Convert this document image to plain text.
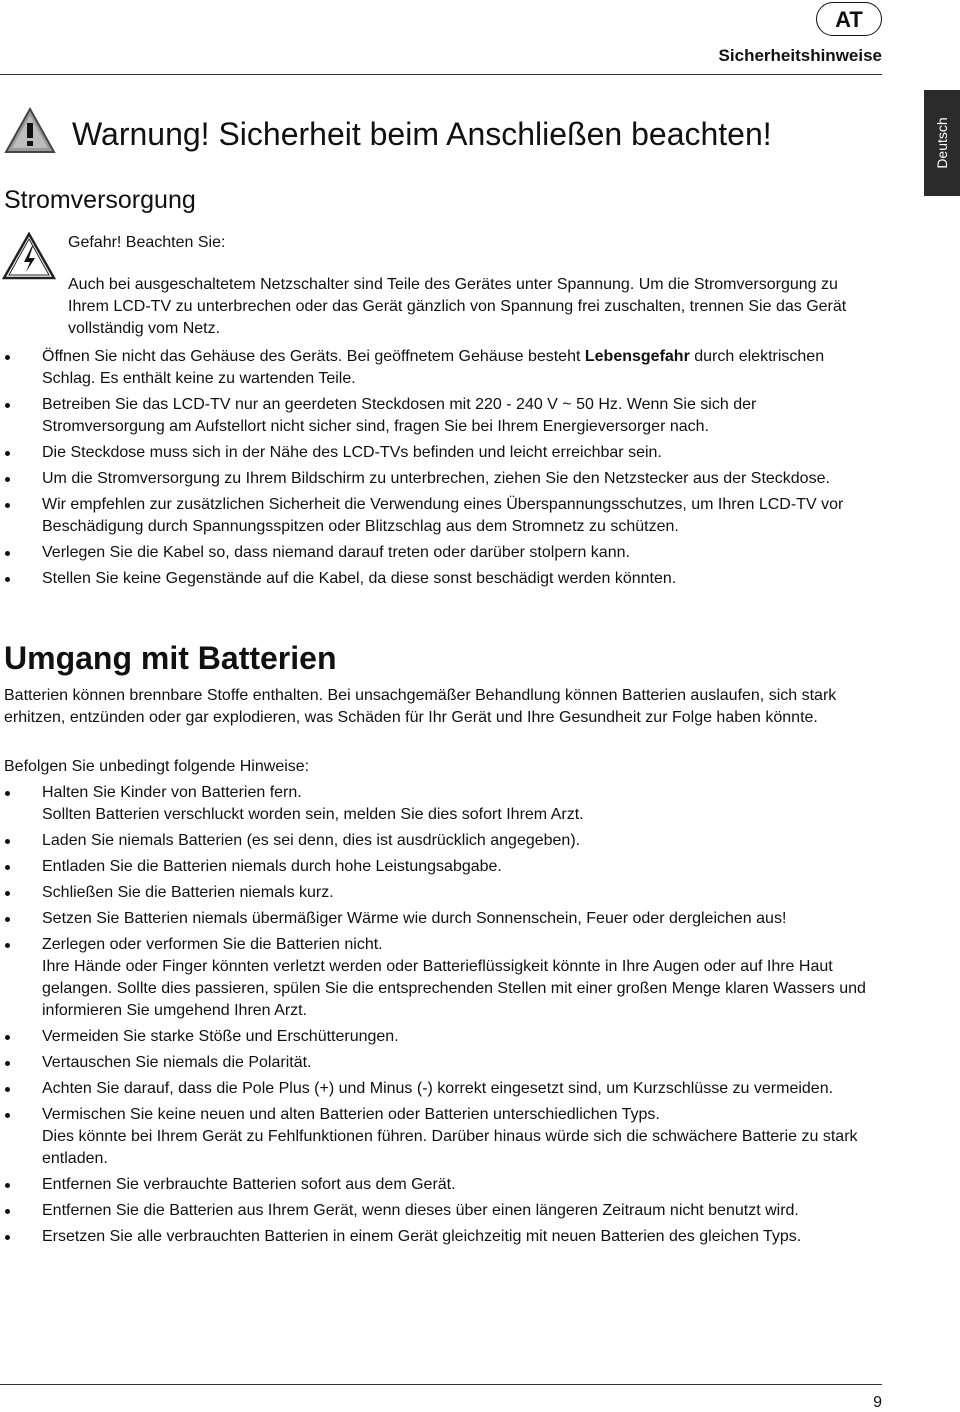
AT
Sicherheitshinweise
Deutsch
Warnung! Sicherheit beim Anschließen beachten!
Stromversorgung
Gefahr! Beachten Sie:
Auch bei ausgeschaltetem Netzschalter sind Teile des Gerätes unter Spannung. Um die Stromversorgung zu Ihrem LCD-TV zu unterbrechen oder das Gerät gänzlich von Spannung frei zuschalten, trennen Sie das Gerät vollständig vom Netz.
Öffnen Sie nicht das Gehäuse des Geräts. Bei geöffnetem Gehäuse besteht Lebensgefahr durch elektrischen Schlag. Es enthält keine zu wartenden Teile.
Betreiben Sie das LCD-TV nur an geerdeten Steckdosen mit 220 - 240 V ~ 50 Hz. Wenn Sie sich der Stromversorgung am Aufstellort nicht sicher sind, fragen Sie bei Ihrem Energieversorger nach.
Die Steckdose muss sich in der Nähe des LCD-TVs befinden und leicht erreichbar sein.
Um die Stromversorgung zu Ihrem Bildschirm zu unterbrechen, ziehen Sie den Netzstecker aus der Steckdose.
Wir empfehlen zur zusätzlichen Sicherheit die Verwendung eines Überspannungsschutzes, um Ihren LCD-TV vor Beschädigung durch Spannungsspitzen oder Blitzschlag aus dem Stromnetz zu schützen.
Verlegen Sie die Kabel so, dass niemand darauf treten oder darüber stolpern kann.
Stellen Sie keine Gegenstände auf die Kabel, da diese sonst beschädigt werden könnten.
Umgang mit Batterien
Batterien können brennbare Stoffe enthalten. Bei unsachgemäßer Behandlung können Batterien auslaufen, sich stark erhitzen, entzünden oder gar explodieren, was Schäden für Ihr Gerät und Ihre Gesundheit zur Folge haben könnte.
Befolgen Sie unbedingt folgende Hinweise:
Halten Sie Kinder von Batterien fern.
Sollten Batterien verschluckt worden sein, melden Sie dies sofort Ihrem Arzt.
Laden Sie niemals Batterien (es sei denn, dies ist ausdrücklich angegeben).
Entladen Sie die Batterien niemals durch hohe Leistungsabgabe.
Schließen Sie die Batterien niemals kurz.
Setzen Sie Batterien niemals übermäßiger Wärme wie durch Sonnenschein, Feuer oder dergleichen aus!
Zerlegen oder verformen Sie die Batterien nicht.
Ihre Hände oder Finger könnten verletzt werden oder Batterieflüssigkeit könnte in Ihre Augen oder auf Ihre Haut gelangen. Sollte dies passieren, spülen Sie die entsprechenden Stellen mit einer großen Menge klaren Wassers und informieren Sie umgehend Ihren Arzt.
Vermeiden Sie starke Stöße und Erschütterungen.
Vertauschen Sie niemals die Polarität.
Achten Sie darauf, dass die Pole Plus (+) und Minus (-) korrekt eingesetzt sind, um Kurzschlüsse zu vermeiden.
Vermischen Sie keine neuen und alten Batterien oder Batterien unterschiedlichen Typs.
Dies könnte bei Ihrem Gerät zu Fehlfunktionen führen. Darüber hinaus würde sich die schwächere Batterie zu stark entladen.
Entfernen Sie verbrauchte Batterien sofort aus dem Gerät.
Entfernen Sie die Batterien aus Ihrem Gerät, wenn dieses über einen längeren Zeitraum nicht benutzt wird.
Ersetzen Sie alle verbrauchten Batterien in einem Gerät gleichzeitig mit neuen Batterien des gleichen Typs.
9
